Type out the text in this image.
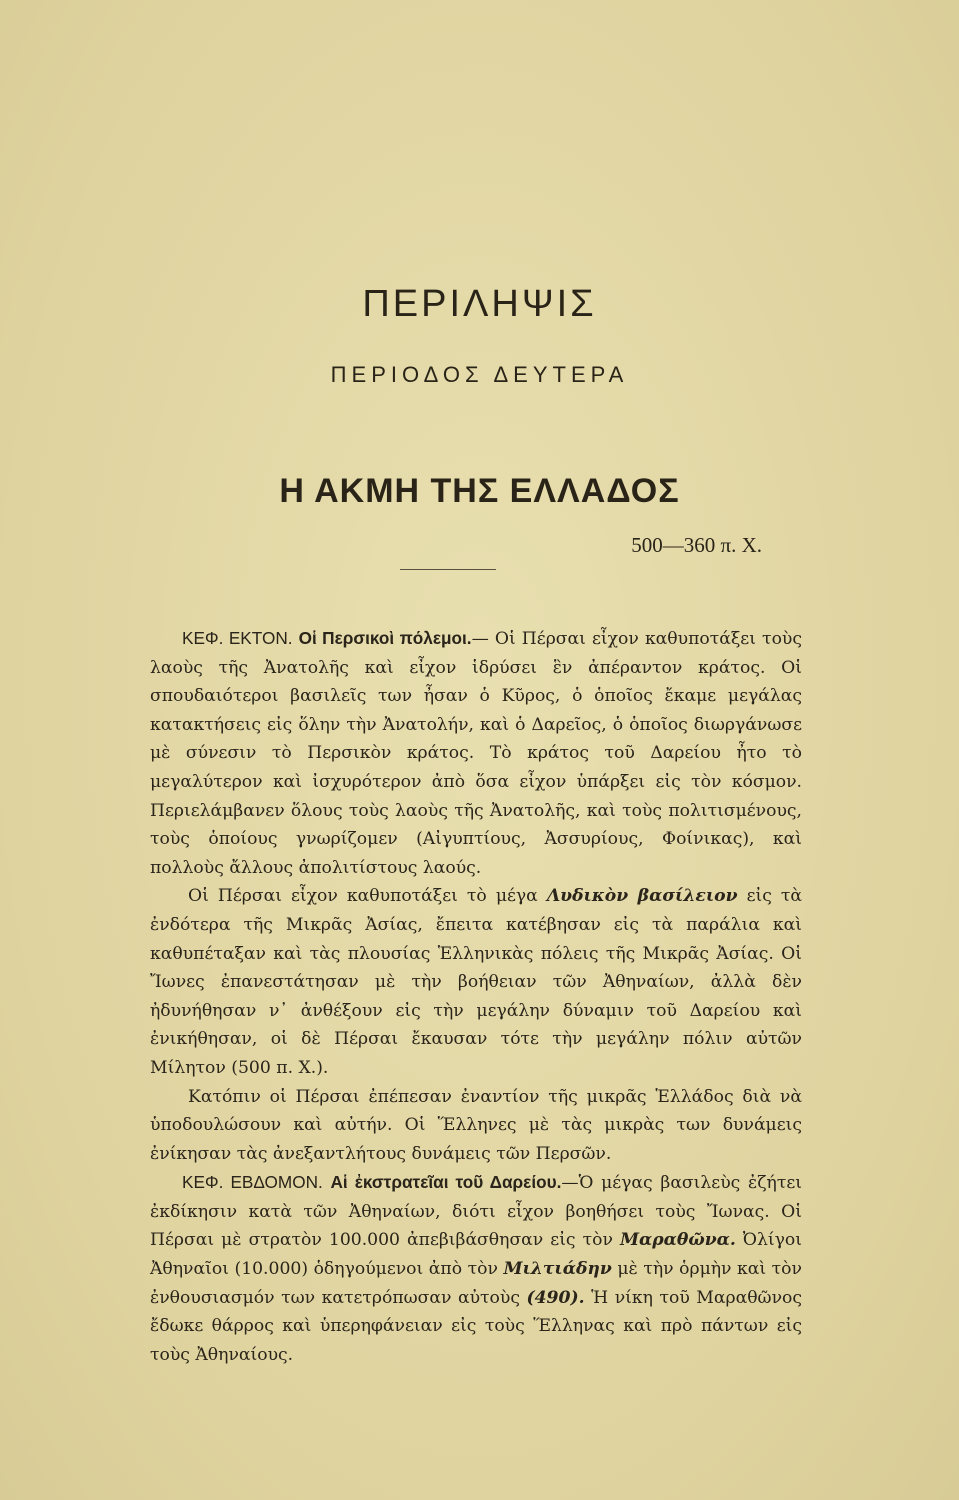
ΠΕΡΙΛΗΨΙΣ
ΠΕΡΙΟΔΟΣ ΔΕΥΤΕΡΑ
Η ΑΚΜΗ ΤΗΣ ΕΛΛΑΔΟΣ
500—360 π. Χ.

ΚΕΦ. ΕΚΤΟΝ. Οἱ Περσικοὶ πόλεμοι.— Οἱ Πέρσαι εἶχον καθυποτάξει τοὺς λαοὺς τῆς Ἀνατολῆς καὶ εἶχον ἱδρύσει ἓν ἀπέραντον κράτος. Οἱ σπουδαιότεροι βασιλεῖς των ἦσαν ὁ Κῦρος, ὁ ὁποῖος ἔκαμε μεγάλας κατακτήσεις εἰς ὅλην τὴν Ἀνατολήν, καὶ ὁ Δαρεῖος, ὁ ὁποῖος διωργάνωσε μὲ σύνεσιν τὸ Περσικὸν κράτος. Τὸ κράτος τοῦ Δαρείου ἦτο τὸ μεγαλύτερον καὶ ἰσχυρότερον ἀπὸ ὅσα εἶχον ὑπάρξει εἰς τὸν κόσμον. Περιελάμβανεν ὅλους τοὺς λαοὺς τῆς Ἀνατολῆς, καὶ τοὺς πολιτισμένους, τοὺς ὁποίους γνωρίζομεν (Αἰγυπτίους, Ἀσσυρίους, Φοίνικας), καὶ πολλοὺς ἄλλους ἀπολιτίστους λαούς.

Οἱ Πέρσαι εἶχον καθυποτάξει τὸ μέγα Λυδικὸν βασίλειον εἰς τὰ ἐνδότερα τῆς Μικρᾶς Ἀσίας, ἔπειτα κατέβησαν εἰς τὰ παράλια καὶ καθυπέταξαν καὶ τὰς πλουσίας Ἑλληνικὰς πόλεις τῆς Μικρᾶς Ἀσίας. Οἱ Ἴωνες ἐπανεστάτησαν μὲ τὴν βοήθειαν τῶν Ἀθηναίων, ἀλλὰ δὲν ἠδυνήθησαν ν᾽ ἀνθέξουν εἰς τὴν μεγάλην δύναμιν τοῦ Δαρείου καὶ ἐνικήθησαν, οἱ δὲ Πέρσαι ἔκαυσαν τότε τὴν μεγάλην πόλιν αὐτῶν Μίλητον (500 π. Χ.).

Κατόπιν οἱ Πέρσαι ἐπέπεσαν ἐναντίον τῆς μικρᾶς Ἑλλάδος διὰ νὰ ὑποδουλώσουν καὶ αὐτήν. Οἱ Ἕλληνες μὲ τὰς μικρὰς των δυνάμεις ἐνίκησαν τὰς ἀνεξαντλήτους δυνάμεις τῶν Περσῶν.

ΚΕΦ. ΕΒΔΟΜΟΝ. Αἱ ἐκστρατεῖαι τοῦ Δαρείου.—Ὁ μέγας βασιλεὺς ἐζήτει ἐκδίκησιν κατὰ τῶν Ἀθηναίων, διότι εἶχον βοηθήσει τοὺς Ἴωνας. Οἱ Πέρσαι μὲ στρατὸν 100.000 ἀπεβιβάσθησαν εἰς τὸν Μαραθῶνα. Ὀλίγοι Ἀθηναῖοι (10.000) ὁδηγούμενοι ἀπὸ τὸν Μιλτιάδην μὲ τὴν ὁρμὴν καὶ τὸν ἐνθουσιασμόν των κατετρόπωσαν αὐτοὺς (490). Ἡ νίκη τοῦ Μαραθῶνος ἔδωκε θάρρος καὶ ὑπερηφάνειαν εἰς τοὺς Ἕλληνας καὶ πρὸ πάντων εἰς τοὺς Ἀθηναίους.
